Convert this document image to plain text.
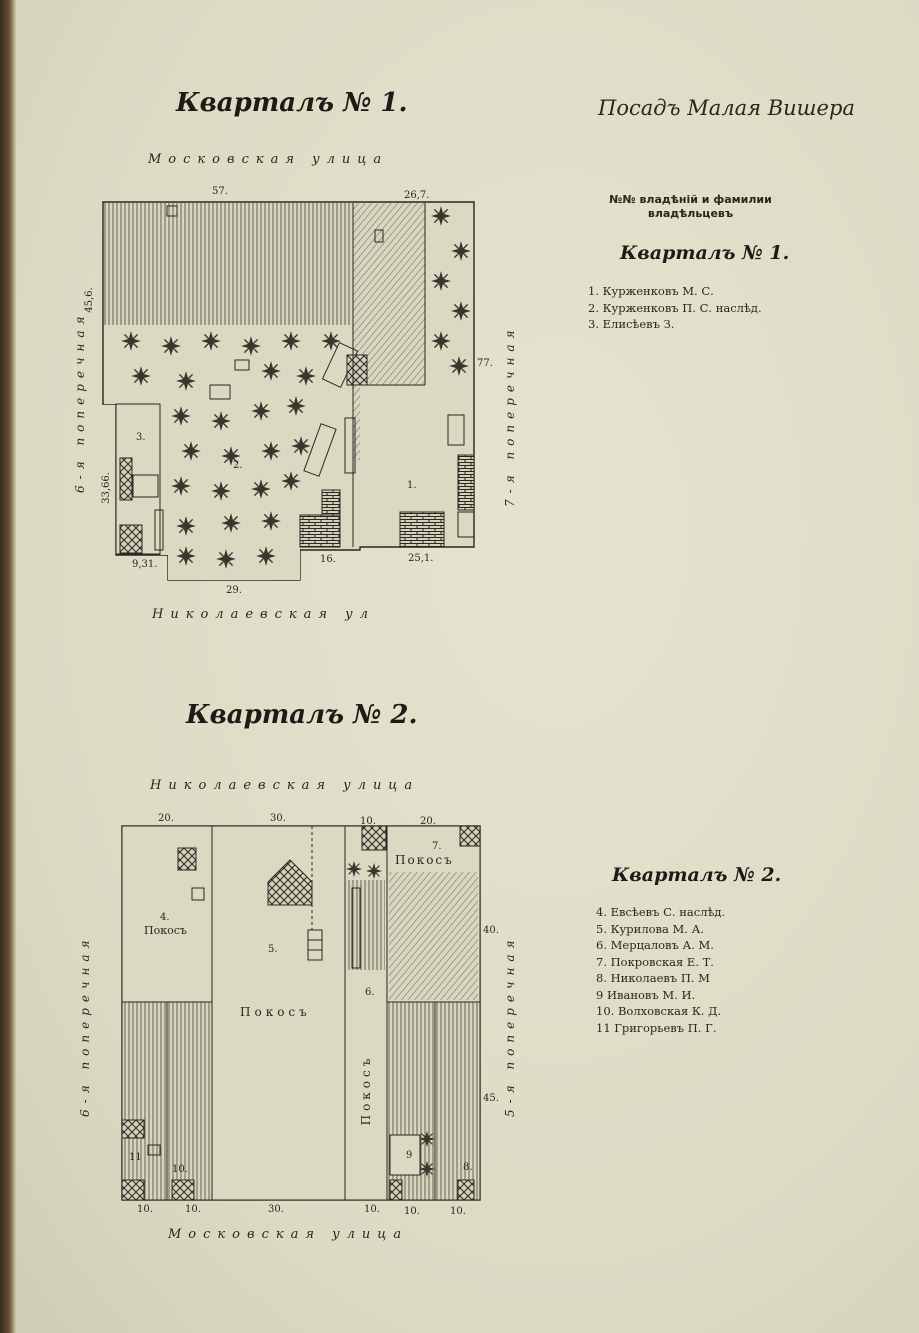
Кварталъ № 1.	Посадъ Малая Вишера
№№ владѣній и фамилии владѣльцевъ
Кварталъ № 1.
1. Курженковъ М. С.
2. Курженковъ П. С. наслѣд.
3. Елисѣевъ З.
Кварталъ № 2.
Кварталъ № 2.
4. Евсѣевъ С. наслѣд.
5. Курилова М. А.
6. Мерцаловъ А. М.
7. Покровская Е. Т.
8. Николаевъ П. М
9 Ивановъ М. И.
10. Волховская К. Д.
11 Григорьевъ П. Г.
Московская улица
Николаевская ул
6-я поперечная	7-я поперечная
Николаевская улица
Московская улица
6-я поперечная	5-я поперечная
57.	26,7.
45,6.
33,66.
77.
9,31.
29.
16.	25,1.
1.
2.
3.
20.	30.	10.	20.
40.
45.
10.	10.	30.	10. 10.	10.
4.
Покосъ
5.
Покосъ
6.
Покосъ
7.
Покосъ
8.
9
10.
11
